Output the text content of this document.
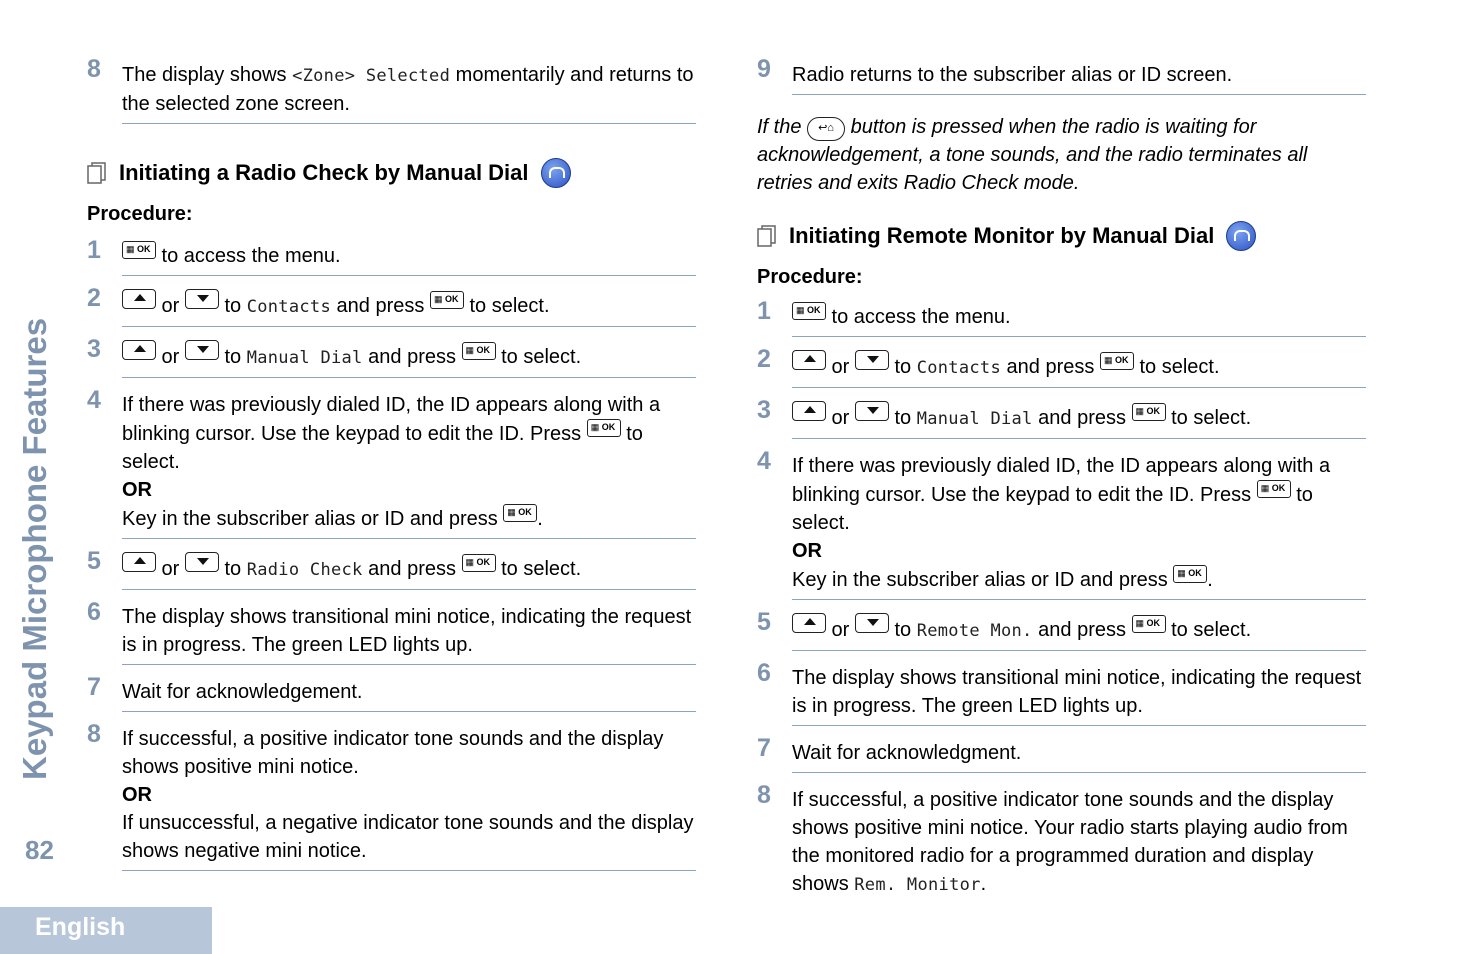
Keypad Microphone Features
82
English
8 The display shows <Zone> Selected momentarily and returns to the selected zone screen.
Initiating a Radio Check by Manual Dial
Procedure:
1 ▦ OK	to access the menu.
2	or
to Contacts and press ▦ OK to select.
3	or
to Manual Dial and press ▦ OK to select.
4 If there was previously dialed ID, the ID appears along with a blinking cursor. Use the keypad to edit the ID. Press ▦ OK to select.
OR
Key in the subscriber alias or ID and press ▦ OK.
5	or
to Radio Check and press ▦ OK to select.
6 The display shows transitional mini notice, indicating the request is in progress. The green LED lights up.
7 Wait for acknowledgement.
8 If successful, a positive indicator tone sounds and the display shows positive mini notice.
OR
If unsuccessful, a negative indicator tone sounds and the display shows negative mini notice.
9 Radio returns to the subscriber alias or ID screen.
If the ↩⌂ button is pressed when the radio is waiting for acknowledgement, a tone sounds, and the radio terminates all retries and exits Radio Check mode.
Initiating Remote Monitor by Manual Dial
Procedure:
1 ▦ OK	to access the menu.
2	or
to Contacts and press ▦ OK to select.
3	or
to Manual Dial and press ▦ OK to select.
4 If there was previously dialed ID, the ID appears along with a blinking cursor. Use the keypad to edit the ID. Press ▦ OK to select.
OR
Key in the subscriber alias or ID and press ▦ OK.
5	or
to Remote Mon. and press ▦ OK to select.
6 The display shows transitional mini notice, indicating the request is in progress. The green LED lights up.
7 Wait for acknowledgment.
8 If successful, a positive indicator tone sounds and the display shows positive mini notice. Your radio starts playing audio from the monitored radio for a programmed duration and display shows Rem. Monitor.
